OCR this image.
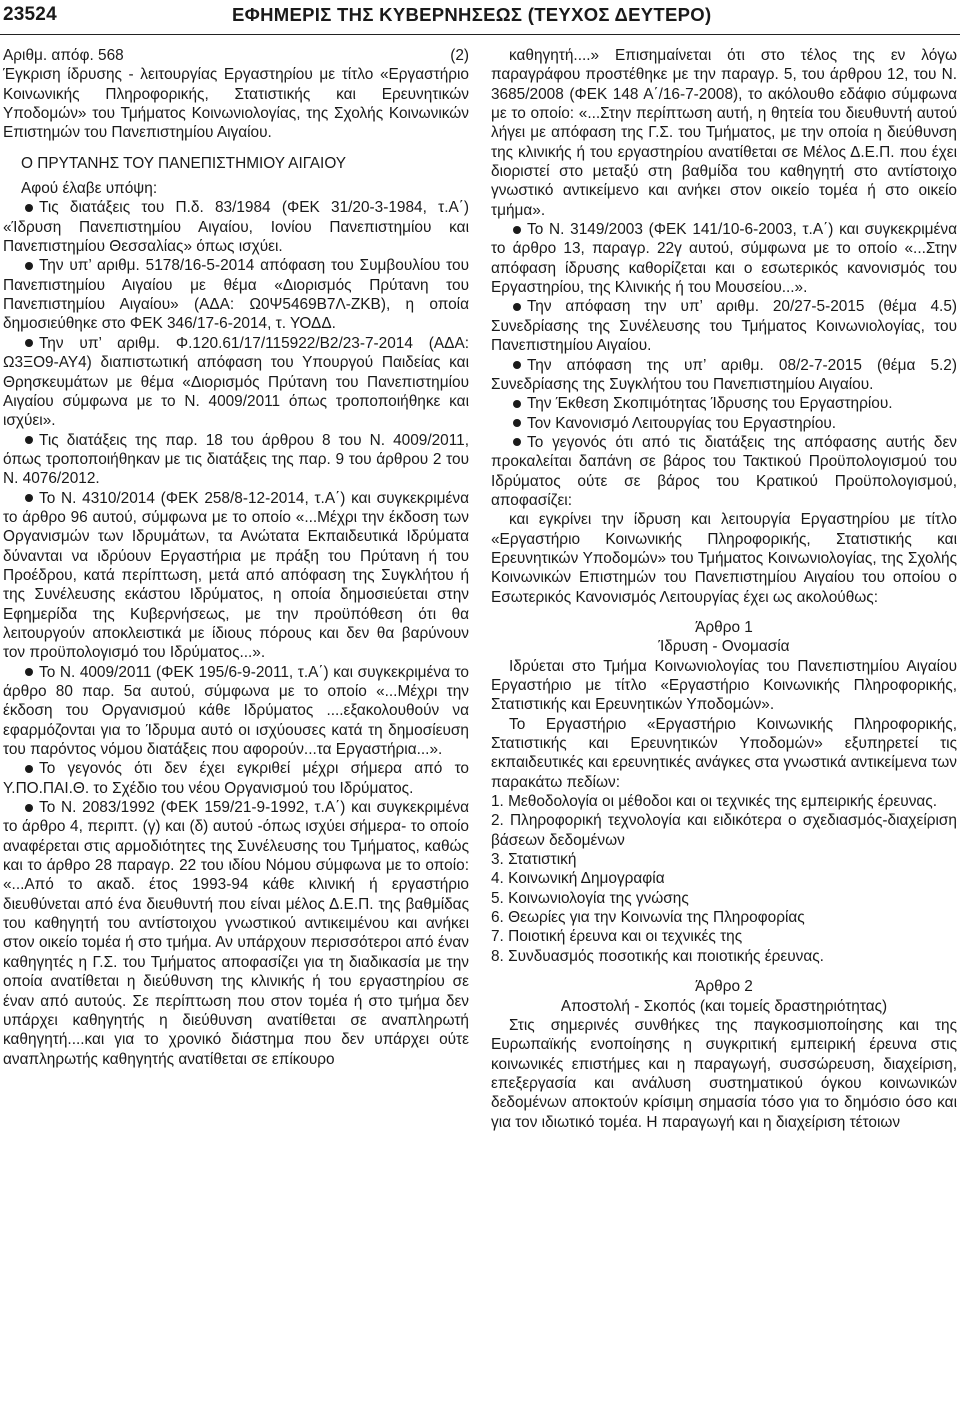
23524	ΕΦΗΜΕΡΙΣ ΤΗΣ ΚΥΒΕΡΝΗΣΕΩΣ (ΤΕΥΧΟΣ ΔΕΥΤΕΡΟ)
Αριθμ. απόφ. 568	(2)

Έγκριση ίδρυσης - λειτουργίας Εργαστηρίου με τίτλο «Εργαστήριο Κοινωνικής Πληροφορικής, Στατιστικής και Ερευνητικών Υποδομών» του Τμήματος Κοινωνιολογίας, της Σχολής Κοινωνικών Επιστημών του Πανεπιστημίου Αιγαίου.

Ο ΠΡΥΤΑΝΗΣ ΤΟΥ ΠΑΝΕΠΙΣΤΗΜΙΟΥ ΑΙΓΑΙΟΥ

Αφού έλαβε υπόψη:

Τις διατάξεις του Π.δ. 83/1984 (ΦΕΚ 31/20-3-1984, τ.Α΄) «Ίδρυση Πανεπιστημίου Αιγαίου, Ιονίου Πανεπιστημίου και Πανεπιστημίου Θεσσαλίας» όπως ισχύει.

Την υπ’ αριθμ. 5178/16-5-2014 απόφαση του Συμβουλίου του Πανεπιστημίου Αιγαίου με θέμα «Διορισμός Πρύτανη του Πανεπιστημίου Αιγαίου» (ΑΔΑ: Ω0Ψ5469Β7Λ-ΖΚΒ), η οποία δημοσιεύθηκε στο ΦΕΚ 346/17-6-2014, τ. ΥΟΔΔ.

Την υπ’ αριθμ. Φ.120.61/17/115922/Β2/23-7-2014 (ΑΔΑ: Ω3ΞΟ9-ΑΥ4) διαπιστωτική απόφαση του Υπουργού Παιδείας και Θρησκευμάτων με θέμα «Διορισμός Πρύτανη του Πανεπιστημίου Αιγαίου σύμφωνα με το Ν. 4009/2011 όπως τροποποιήθηκε και ισχύει».

Τις διατάξεις της παρ. 18 του άρθρου 8 του Ν. 4009/2011, όπως τροποποιήθηκαν με τις διατάξεις της παρ. 9 του άρθρου 2 του Ν. 4076/2012.

Το Ν. 4310/2014 (ΦΕΚ 258/8-12-2014, τ.Α΄) και συγκεκριμένα το άρθρο 96 αυτού, σύμφωνα με το οποίο «...Μέχρι την έκδοση των Οργανισμών των Ιδρυμάτων, τα Ανώτατα Εκπαιδευτικά Ιδρύματα δύνανται να ιδρύουν Εργαστήρια με πράξη του Πρύτανη ή του Προέδρου, κατά περίπτωση, μετά από απόφαση της Συγκλήτου ή της Συνέλευσης εκάστου Ιδρύματος, η οποία δημοσιεύεται στην Εφημερίδα της Κυβερνήσεως, με την προϋπόθεση ότι θα λειτουργούν αποκλειστικά με ίδιους πόρους και δεν θα βαρύνουν τον προϋπολογισμό του Ιδρύματος...».

Το Ν. 4009/2011 (ΦΕΚ 195/6-9-2011, τ.Α΄) και συγκεκριμένα το άρθρο 80 παρ. 5α αυτού, σύμφωνα με το οποίο «...Μέχρι την έκδοση του Οργανισμού κάθε Ιδρύματος ....εξακολουθούν να εφαρμόζονται για το Ίδρυμα αυτό οι ισχύουσες κατά τη δημοσίευση του παρόντος νόμου διατάξεις που αφορούν...τα Εργαστήρια...».

Το γεγονός ότι δεν έχει εγκριθεί μέχρι σήμερα από το Υ.ΠΟ.ΠΑΙ.Θ. το Σχέδιο του νέου Οργανισμού του Ιδρύματος.

Το Ν. 2083/1992 (ΦΕΚ 159/21-9-1992, τ.Α΄) και συγκεκριμένα το άρθρο 4, περιπτ. (γ) και (δ) αυτού -όπως ισχύει σήμερα- το οποίο αναφέρεται στις αρμοδιότητες της Συνέλευσης του Τμήματος, καθώς και το άρθρο 28 παραγρ. 22 του ιδίου Νόμου σύμφωνα με το οποίο: «...Από το ακαδ. έτος 1993-94 κάθε κλινική ή εργαστήριο διευθύνεται από ένα διευθυντή που είναι μέλος Δ.Ε.Π. της βαθμίδας του καθηγητή του αντίστοιχου γνωστικού αντικειμένου και ανήκει στον οικείο τομέα ή στο τμήμα. Αν υπάρχουν περισσότεροι από έναν καθηγητές η Γ.Σ. του Τμήματος αποφασίζει για τη διαδικασία με την οποία ανατίθεται η διεύθυνση της κλινικής ή του εργαστηρίου σε έναν από αυτούς. Σε περίπτωση που στον τομέα ή στο τμήμα δεν υπάρχει καθηγητής η διεύθυνση ανατίθεται σε αναπληρωτή καθηγητή....και για το χρονικό διάστημα που δεν υπάρχει ούτε αναπληρωτής καθηγητής ανατίθεται σε επίκουρο

καθηγητή....» Επισημαίνεται ότι στο τέλος της εν λόγω παραγράφου προστέθηκε με την παραγρ. 5, του άρθρου 12, του Ν. 3685/2008 (ΦΕΚ 148 Α΄/16-7-2008), το ακόλουθο εδάφιο σύμφωνα με το οποίο: «...Στην περίπτωση αυτή, η θητεία του διευθυντή αυτού λήγει με απόφαση της Γ.Σ. του Τμήματος, με την οποία η διεύθυνση της κλινικής ή του εργαστηρίου ανατίθεται σε Μέλος Δ.Ε.Π. που έχει διοριστεί στο μεταξύ στη βαθμίδα του καθηγητή στο αντίστοιχο γνωστικό αντικείμενο και ανήκει στον οικείο τομέα ή στο οικείο τμήμα».

Το Ν. 3149/2003 (ΦΕΚ 141/10-6-2003, τ.Α΄) και συγκεκριμένα το άρθρο 13, παραγρ. 22γ αυτού, σύμφωνα με το οποίο «...Στην απόφαση ίδρυσης καθορίζεται και ο εσωτερικός κανονισμός του Εργαστηρίου, της Κλινικής ή του Μουσείου...».

Την απόφαση την υπ’ αριθμ. 20/27-5-2015 (θέμα 4.5) Συνεδρίασης της Συνέλευσης του Τμήματος Κοινωνιολογίας, του Πανεπιστημίου Αιγαίου.

Την απόφαση της υπ’ αριθμ. 08/2-7-2015 (θέμα 5.2) Συνεδρίασης της Συγκλήτου του Πανεπιστημίου Αιγαίου.

Την Έκθεση Σκοπιμότητας Ίδρυσης του Εργαστηρίου.

Τον Κανονισμό Λειτουργίας του Εργαστηρίου.

Το γεγονός ότι από τις διατάξεις της απόφασης αυτής δεν προκαλείται δαπάνη σε βάρος του Τακτικού Προϋπολογισμού του Ιδρύματος ούτε σε βάρος του Κρατικού Προϋπολογισμού, αποφασίζει:

και εγκρίνει την ίδρυση και λειτουργία Εργαστηρίου με τίτλο «Εργαστήριο Κοινωνικής Πληροφορικής, Στατιστικής και Ερευνητικών Υποδομών» του Τμήματος Κοινωνιολογίας, της Σχολής Κοινωνικών Επιστημών του Πανεπιστημίου Αιγαίου του οποίου ο Εσωτερικός Κανονισμός Λειτουργίας έχει ως ακολούθως:

Άρθρο 1

Ίδρυση - Ονομασία

Ιδρύεται στο Τμήμα Κοινωνιολογίας του Πανεπιστημίου Αιγαίου Εργαστήριο με τίτλο «Εργαστήριο Κοινωνικής Πληροφορικής, Στατιστικής και Ερευνητικών Υποδομών».

Το Εργαστήριο «Εργαστήριο Κοινωνικής Πληροφορικής, Στατιστικής και Ερευνητικών Υποδομών» εξυπηρετεί τις εκπαιδευτικές και ερευνητικές ανάγκες στα γνωστικά αντικείμενα των παρακάτω πεδίων:

1. Μεθοδολογία οι μέθοδοι και οι τεχνικές της εμπειρικής έρευνας.

2. Πληροφορική τεχνολογία και ειδικότερα ο σχεδιασμός-διαχείριση βάσεων δεδομένων

3. Στατιστική

4. Κοινωνική Δημογραφία

5. Κοινωνιολογία της γνώσης

6. Θεωρίες για την Κοινωνία της Πληροφορίας

7. Ποιοτική έρευνα και οι τεχνικές της

8. Συνδυασμός ποσοτικής και ποιοτικής έρευνας.

Άρθρο 2

Αποστολή - Σκοπός (και τομείς δραστηριότητας)

Στις σημερινές συνθήκες της παγκοσμιοποίησης και της Ευρωπαϊκής ενοποίησης η συγκριτική εμπειρική έρευνα στις κοινωνικές επιστήμες και η παραγωγή, συσσώρευση, διαχείριση, επεξεργασία και ανάλυση συστηματικού όγκου κοινωνικών δεδομένων αποκτούν κρίσιμη σημασία τόσο για το δημόσιο όσο και για τον ιδιωτικό τομέα. Η παραγωγή και η διαχείριση τέτοιων
